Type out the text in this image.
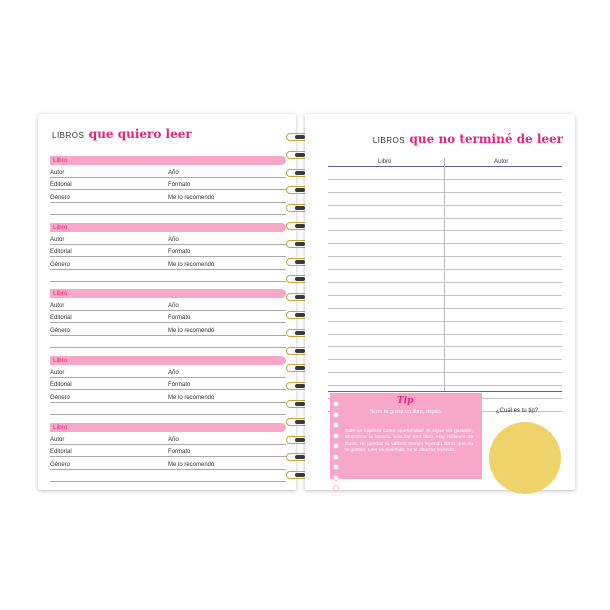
LIBROS que quiero leer
Libro
Autor	Año
Editorial	Formato
Género	Me lo recomendó
Libro
Autor	Año
Editorial	Formato
Género	Me lo recomendó
Libro
Autor	Año
Editorial	Formato
Género	Me lo recomendó
Libro
Autor	Año
Editorial	Formato
Género	Me lo recomendó
Libro
Autor	Año
Editorial	Formato
Género	Me lo recomendó
LIBROS que no terminé de leer
Libro	Autor
Tip
Si no te gusta un libro, déjalo.
Dale un capítulo como oportunidad. Si sigue sin gustarte, abandona la lectura, búscate otro libro. Hay millones de libros, no pierdas tu valioso tiempo leyendo libros que no te gustan. Leer es divertido, no te aburras leyendo.
¿Cuál es tu tip?
